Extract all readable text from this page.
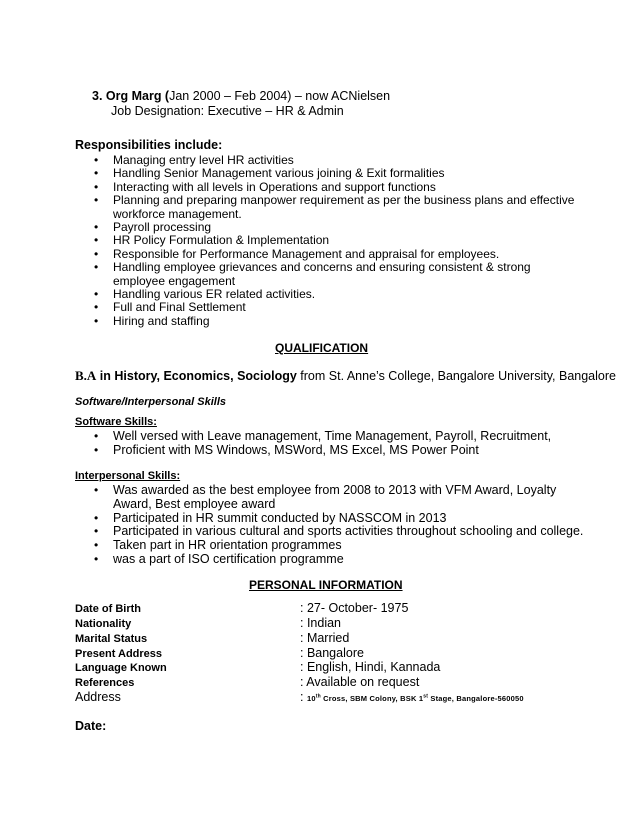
3. Org Marg (Jan 2000 – Feb 2004) – now ACNielsen
Job Designation: Executive – HR & Admin
Responsibilities include:
• Managing entry level HR activities
• Handling Senior Management various joining & Exit formalities
• Interacting with all levels in Operations and support functions
• Planning and preparing manpower requirement as per the business plans and effective workforce management.
• Payroll processing
• HR Policy Formulation & Implementation
• Responsible for Performance Management and appraisal for employees.
• Handling employee grievances and concerns and ensuring consistent & strong employee engagement
• Handling various ER related activities.
• Full and Final Settlement
• Hiring and staffing
QUALIFICATION
B.A in History, Economics, Sociology from St. Anne’s College, Bangalore University, Bangalore
Software/Interpersonal Skills
Software Skills:
• Well versed with Leave management, Time Management, Payroll, Recruitment,
• Proficient with MS Windows, MSWord, MS Excel, MS Power Point
Interpersonal Skills:
• Was awarded as the best employee from 2008 to 2013 with VFM Award, Loyalty Award, Best employee award
• Participated in HR summit conducted by NASSCOM in 2013
• Participated in various cultural and sports activities throughout schooling and college.
• Taken part in HR orientation programmes
• was a part of ISO certification programme
PERSONAL INFORMATION
Date of Birth	: 27- October- 1975
Nationality	: Indian
Marital Status	: Married
Present Address	: Bangalore
Language Known	: English, Hindi, Kannada
References	: Available on request
Address	: 10th Cross, SBM Colony, BSK 1st Stage, Bangalore-560050
Date:
